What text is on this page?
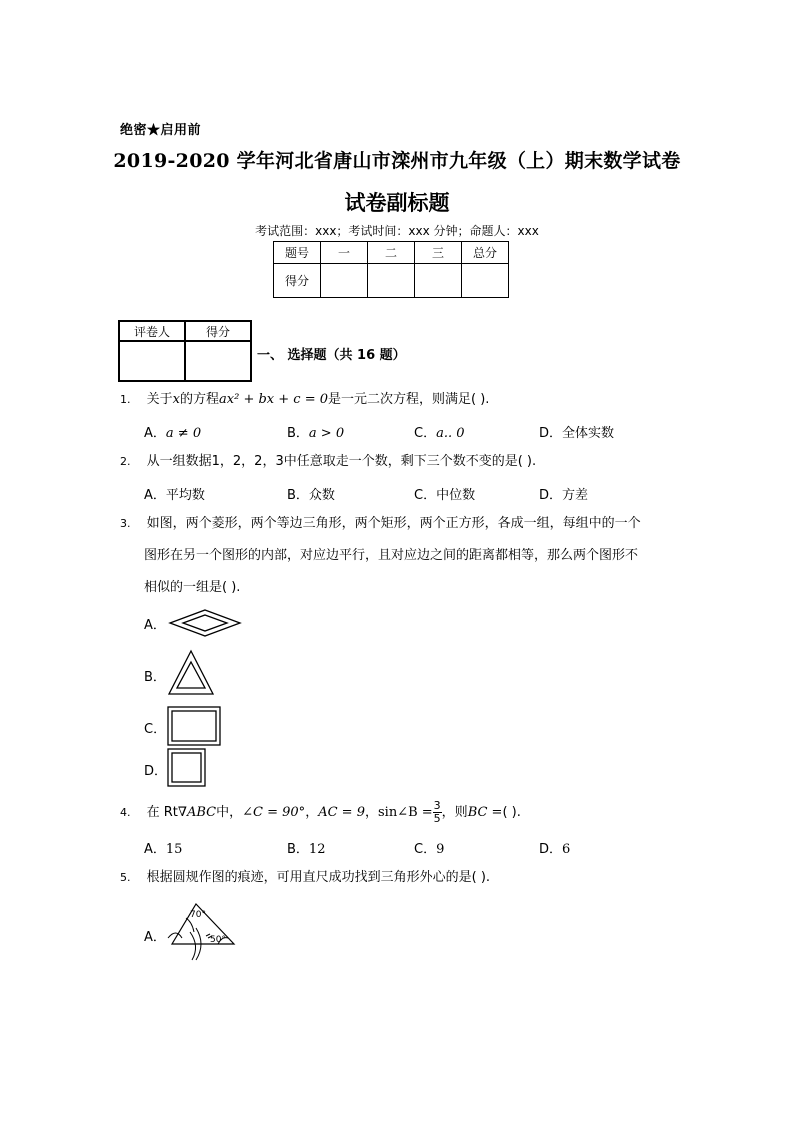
绝密★启用前
2019-2020 学年河北省唐山市滦州市九年级（上）期末数学试卷
试卷副标题
考试范围：xxx；考试时间：xxx 分钟；命题人：xxx
题号	一	二	三	总分
得分				
评卷人	得分

一、 选择题（共 16 题）
1. 关于x的方程ax² + bx + c = 0是一元二次方程，则满足( ).
A．a ≠ 0	B．a > 0	C．a.. 0	D．全体实数
2. 从一组数据1，2，2，3中任意取走一个数，剩下三个数不变的是( ).
A．平均数	B．众数	C．中位数	D．方差
3. 如图，两个菱形，两个等边三角形，两个矩形，两个正方形，各成一组，每组中的一个
图形在另一个图形的内部，对应边平行，且对应边之间的距离都相等，那么两个图形不
相似的一组是( ).
A．
B．
C．
D．
4. 在 Rt∇ABC中，∠C = 90°，AC = 9，sin∠B = $\frac{3}{5}$ ，则BC =( ).
A．15	B．12	C．9	D．6
5. 根据圆规作图的痕迹，可用直尺成功找到三角形外心的是( ).
A．
70°
50°
